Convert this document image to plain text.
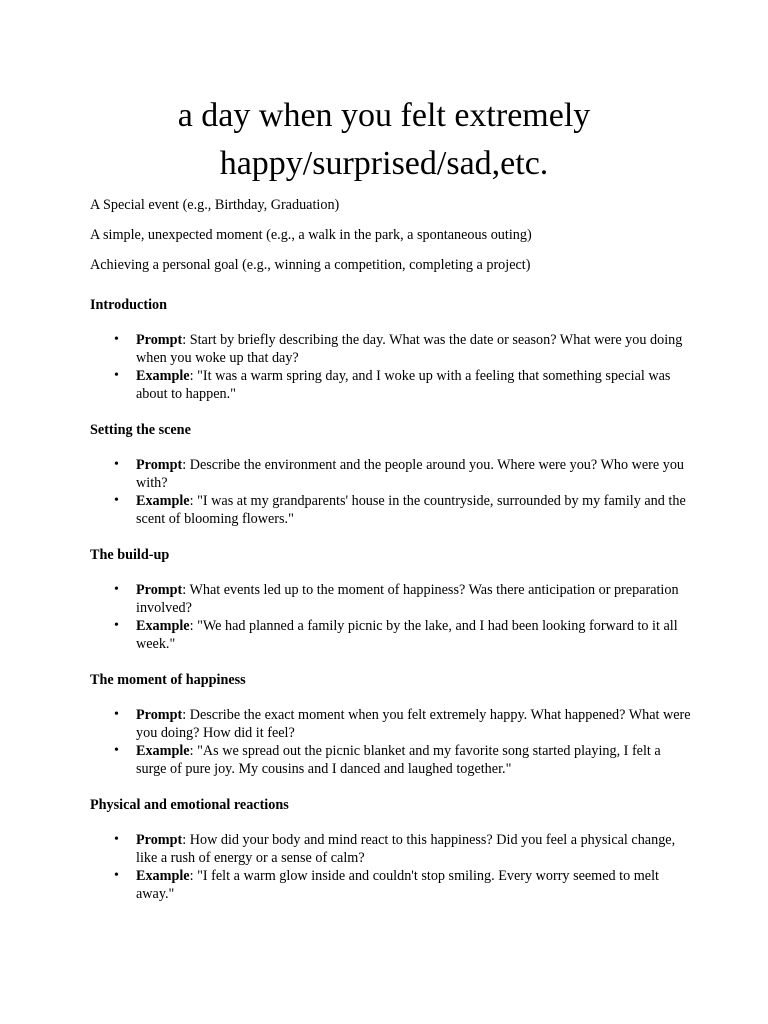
a day when you felt extremely
happy/surprised/sad,etc.

A Special event (e.g., Birthday, Graduation)

A simple, unexpected moment (e.g., a walk in the park, a spontaneous outing)

Achieving a personal goal (e.g., winning a competition, completing a project)

Introduction

• Prompt: Start by briefly describing the day. What was the date or season? What were you doing when you woke up that day?
• Example: "It was a warm spring day, and I woke up with a feeling that something special was about to happen."

Setting the scene

• Prompt: Describe the environment and the people around you. Where were you? Who were you with?
• Example: "I was at my grandparents' house in the countryside, surrounded by my family and the scent of blooming flowers."

The build-up

• Prompt: What events led up to the moment of happiness? Was there anticipation or preparation involved?
• Example: "We had planned a family picnic by the lake, and I had been looking forward to it all week."

The moment of happiness

• Prompt: Describe the exact moment when you felt extremely happy. What happened? What were you doing? How did it feel?
• Example: "As we spread out the picnic blanket and my favorite song started playing, I felt a surge of pure joy. My cousins and I danced and laughed together."

Physical and emotional reactions

• Prompt: How did your body and mind react to this happiness? Did you feel a physical change, like a rush of energy or a sense of calm?
• Example: "I felt a warm glow inside and couldn't stop smiling. Every worry seemed to melt away."
